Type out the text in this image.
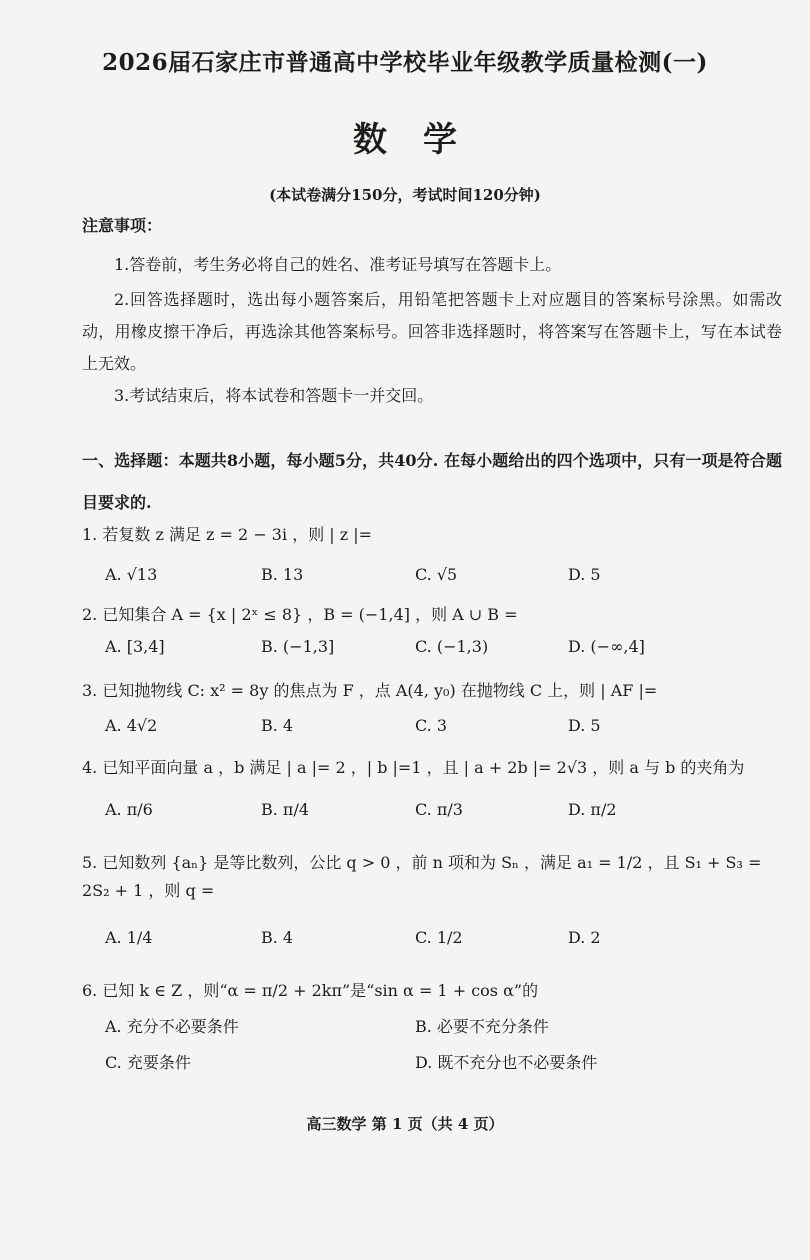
2026届石家庄市普通高中学校毕业年级教学质量检测(一)
数学
(本试卷满分150分，考试时间120分钟)
注意事项：
1.答卷前，考生务必将自己的姓名、准考证号填写在答题卡上。
2.回答选择题时，选出每小题答案后，用铅笔把答题卡上对应题目的答案标号涂黑。如需改动，用橡皮擦干净后，再选涂其他答案标号。回答非选择题时，将答案写在答题卡上，写在本试卷上无效。
3.考试结束后，将本试卷和答题卡一并交回。
一、选择题：本题共8小题，每小题5分，共40分. 在每小题给出的四个选项中，只有一项是符合题目要求的.
1. 若复数 z 满足 z = 2 − 3i ，则 | z |=
A. √13	B. 13	C. √5	D. 5
2. 已知集合 A = {x | 2ˣ ≤ 8} ，B = (−1,4] ，则 A ∪ B =
A. [3,4]	B. (−1,3]	C. (−1,3)	D. (−∞,4]
3. 已知抛物线 C: x² = 8y 的焦点为 F ，点 A(4, y₀) 在抛物线 C 上，则 | AF |=
A. 4√2	B. 4	C. 3	D. 5
4. 已知平面向量 a ，b 满足 | a |= 2 ，| b |=1 ，且 | a + 2b |= 2√3 ，则 a 与 b 的夹角为
A. π/6	B. π/4	C. π/3	D. π/2
5. 已知数列 {aₙ} 是等比数列，公比 q > 0 ，前 n 项和为 Sₙ ，满足 a₁ = 1/2 ，且 S₁ + S₃ = 2S₂ + 1 ，则 q =
A. 1/4	B. 4	C. 1/2	D. 2
6. 已知 k ∈ Z ，则“α = π/2 + 2kπ”是“sin α = 1 + cos α”的
A. 充分不必要条件	B. 必要不充分条件
C. 充要条件	D. 既不充分也不必要条件
高三数学 第 1 页（共 4 页）
